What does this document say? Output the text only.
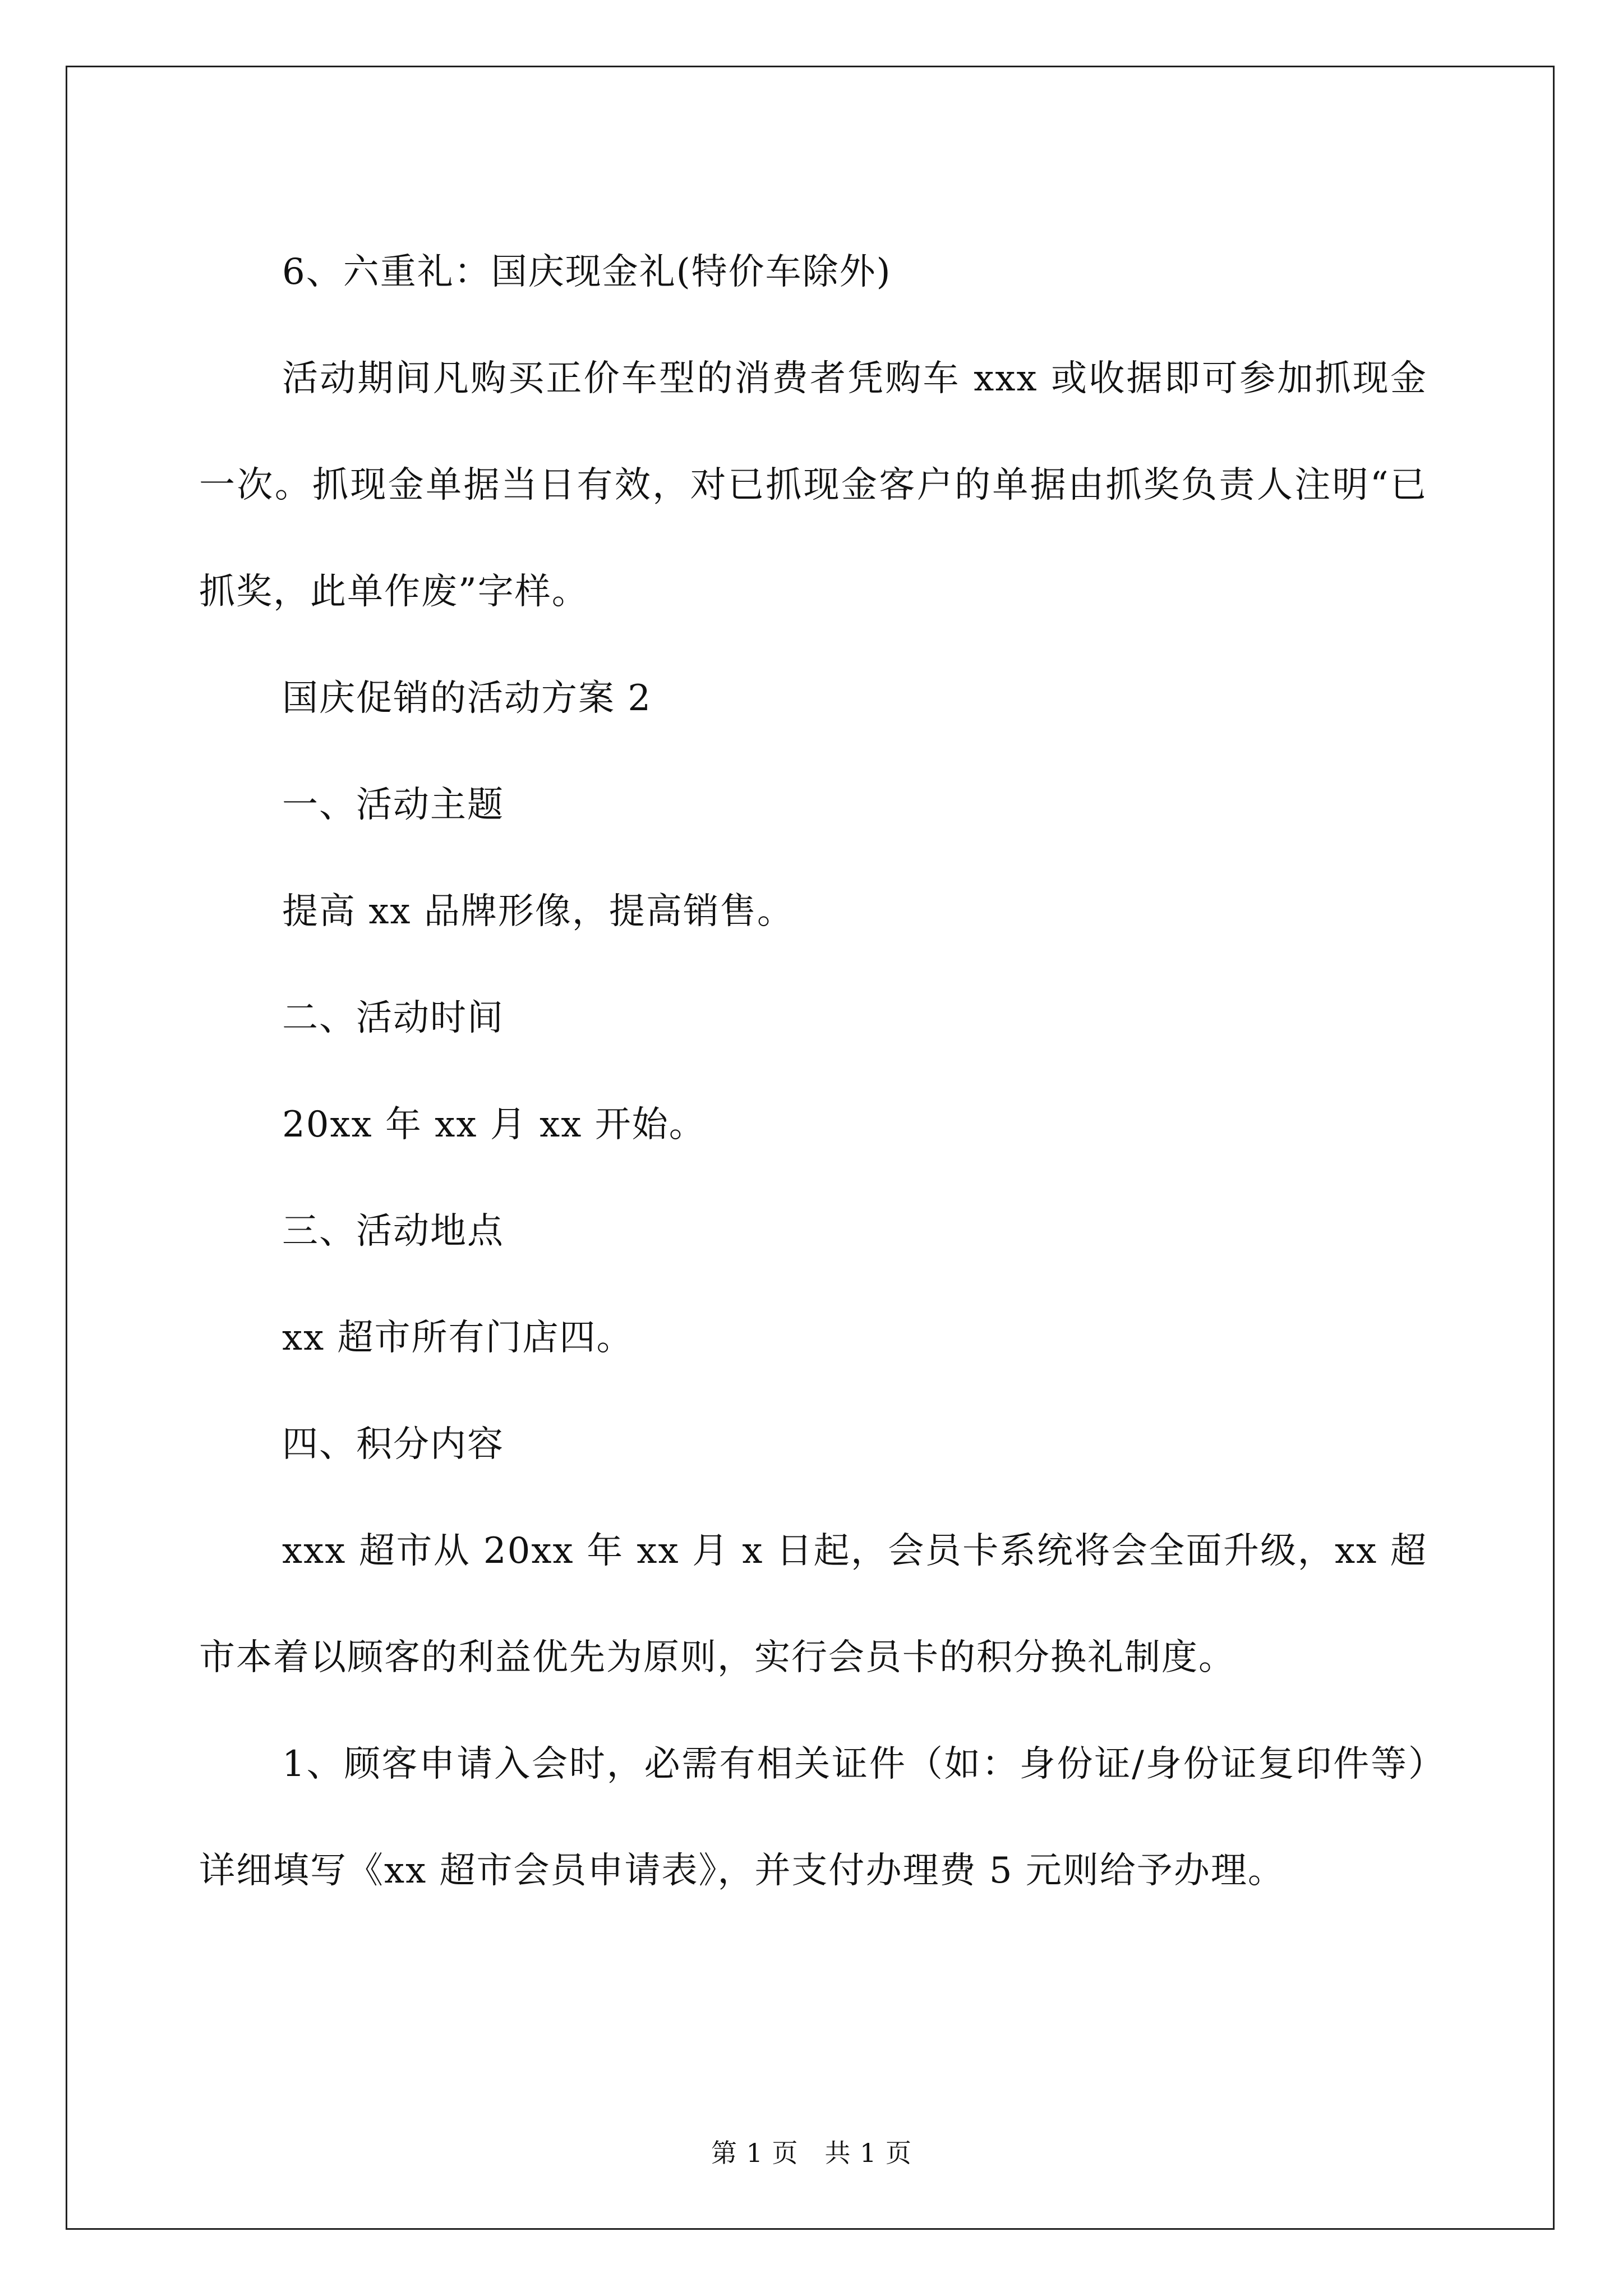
6、六重礼：国庆现金礼(特价车除外)

活动期间凡购买正价车型的消费者凭购车 xxx 或收据即可参加抓现金一次。抓现金单据当日有效，对已抓现金客户的单据由抓奖负责人注明“已抓奖，此单作废”字样。

国庆促销的活动方案 2

一、活动主题

提高 xx 品牌形像，提高销售。

二、活动时间

20xx 年 xx 月 xx 开始。

三、活动地点

xx 超市所有门店四。

四、积分内容

xxx 超市从 20xx 年 xx 月 x 日起，会员卡系统将会全面升级，xx 超市本着以顾客的利益优先为原则，实行会员卡的积分换礼制度。

1、顾客申请入会时，必需有相关证件（如：身份证/身份证复印件等）详细填写《xx 超市会员申请表》，并支付办理费 5 元则给予办理。

第 1 页　共 1 页
